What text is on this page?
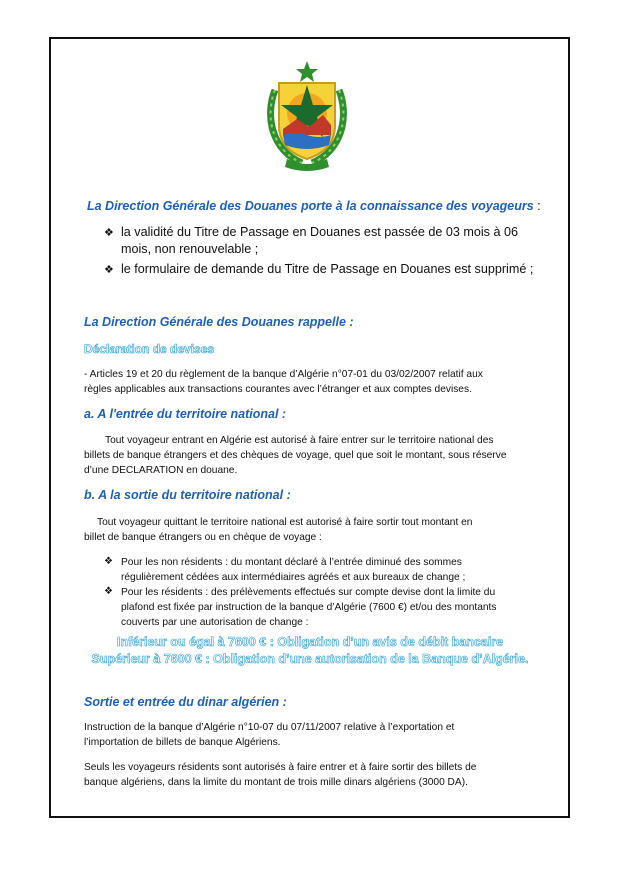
La Direction Générale des Douanes porte à la connaissance des voyageurs :
❖ la validité du Titre de Passage en Douanes est passée de 03 mois à 06
mois, non renouvelable ;
❖ le formulaire de demande du Titre de Passage en Douanes est supprimé ;
La Direction Générale des Douanes rappelle :
Déclaration de devises
- Articles 19 et 20 du règlement de la banque d’Algérie n°07-01 du 03/02/2007 relatif aux
règles applicables aux transactions courantes avec l’étranger et aux comptes devises.
a. A l'entrée du territoire national :
Tout voyageur entrant en Algérie est autorisé à faire entrer sur le territoire national des
billets de banque étrangers et des chèques de voyage, quel que soit le montant, sous réserve
d’une DECLARATION en douane.
b. A la sortie du territoire national :
Tout voyageur quittant le territoire national est autorisé à faire sortir tout montant en
billet de banque étrangers ou en chèque de voyage :
❖ Pour les non résidents : du montant déclaré à l’entrée diminué des sommes
régulièrement cédées aux intermédiaires agréés et aux bureaux de change ;
❖ Pour les résidents : des prélèvements effectués sur compte devise dont la limite du
plafond est fixée par instruction de la banque d’Algérie (7600 €) et/ou des montants
couverts par une autorisation de change :
Inférieur ou égal à 7600 € : Obligation d’un avis de débit bancaire
Supérieur à 7600 € : Obligation d’une autorisation de la Banque d’Algérie.
Sortie et entrée du dinar algérien :
Instruction de la banque d’Algérie n°10-07 du 07/11/2007 relative à l’exportation et
l’importation de billets de banque Algériens.
Seuls les voyageurs résidents sont autorisés à faire entrer et à faire sortir des billets de
banque algériens, dans la limite du montant de trois mille dinars algériens (3000 DA).
